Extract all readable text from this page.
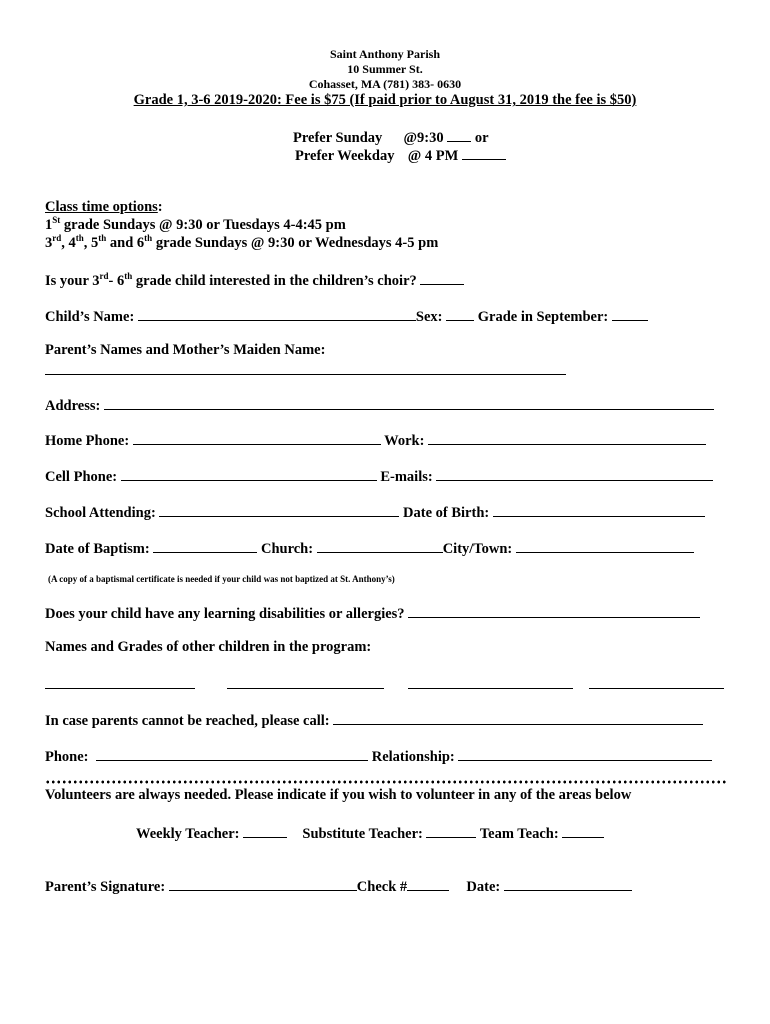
Saint Anthony Parish
10 Summer St.
Cohasset, MA (781) 383- 0630
Grade 1, 3-6 2019-2020: Fee is $75 (If paid prior to August 31, 2019 the fee is $50)
Prefer Sunday @9:30 or
Prefer Weekday @ 4 PM
Class time options:
1St grade Sundays @ 9:30 or Tuesdays 4-4:45 pm
3rd, 4th, 5th and 6th grade Sundays @ 9:30 or Wednesdays 4-5 pm
Is your 3rd- 6th grade child interested in the children’s choir?
Child’s Name:	Sex: Grade in September:
Parent’s Names and Mother’s Maiden Name:
Address:
Home Phone:	Work:
Cell Phone:	E-mails:
School Attending:	Date of Birth:
Date of Baptism:	Church:	City/Town:
(A copy of a baptismal certificate is needed if your child was not baptized at St. Anthony’s)
Does your child have any learning disabilities or allergies?
Names and Grades of other children in the program:
In case parents cannot be reached, please call:
Phone:	Relationship:
Volunteers are always needed. Please indicate if you wish to volunteer in any of the areas below
Weekly Teacher:	Substitute Teacher:	Team Teach:
Parent’s Signature:	Check #	Date:
